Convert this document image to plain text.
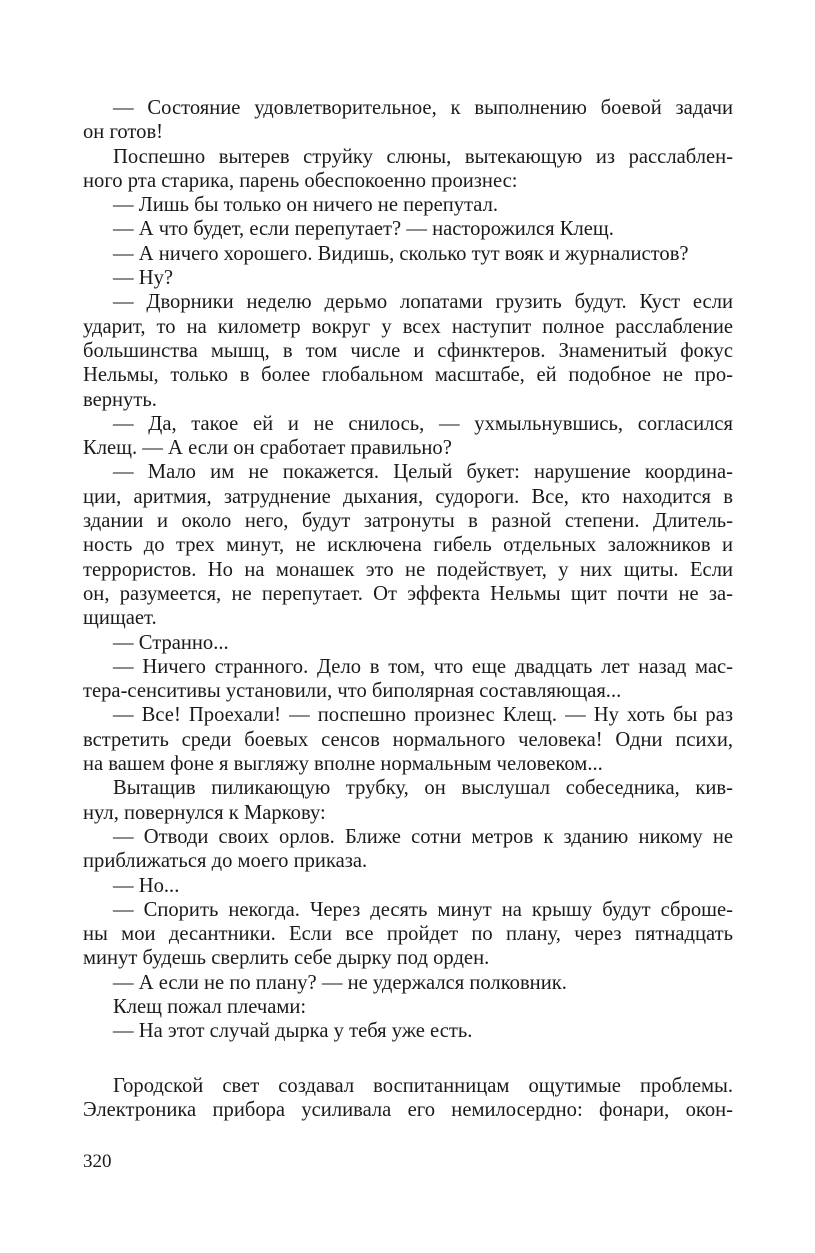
— Состояние удовлетворительное, к выполнению боевой задачи
он готов!
Поспешно вытерев струйку слюны, вытекающую из расслаблен-
ного рта старика, парень обеспокоенно произнес:
— Лишь бы только он ничего не перепутал.
— А что будет, если перепутает? — насторожился Клещ.
— А ничего хорошего. Видишь, сколько тут вояк и журналистов?
— Ну?
— Дворники неделю дерьмо лопатами грузить будут. Куст если
ударит, то на километр вокруг у всех наступит полное расслабление
большинства мышц, в том числе и сфинктеров. Знаменитый фокус
Нельмы, только в более глобальном масштабе, ей подобное не про-
вернуть.
— Да, такое ей и не снилось, — ухмыльнувшись, согласился
Клещ. — А если он сработает правильно?
— Мало им не покажется. Целый букет: нарушение координа-
ции, аритмия, затруднение дыхания, судороги. Все, кто находится в
здании и около него, будут затронуты в разной степени. Длитель-
ность до трех минут, не исключена гибель отдельных заложников и
террористов. Но на монашек это не подействует, у них щиты. Если
он, разумеется, не перепутает. От эффекта Нельмы щит почти не за-
щищает.
— Странно...
— Ничего странного. Дело в том, что еще двадцать лет назад мас-
тера-сенситивы установили, что биполярная составляющая...
— Все! Проехали! — поспешно произнес Клещ. — Ну хоть бы раз
встретить среди боевых сенсов нормального человека! Одни психи,
на вашем фоне я выгляжу вполне нормальным человеком...
Вытащив пиликающую трубку, он выслушал собеседника, кив-
нул, повернулся к Маркову:
— Отводи своих орлов. Ближе сотни метров к зданию никому не
приближаться до моего приказа.
— Но...
— Спорить некогда. Через десять минут на крышу будут сброше-
ны мои десантники. Если все пройдет по плану, через пятнадцать
минут будешь сверлить себе дырку под орден.
— А если не по плану? — не удержался полковник.
Клещ пожал плечами:
— На этот случай дырка у тебя уже есть.
Городской свет создавал воспитанницам ощутимые проблемы.
Электроника прибора усиливала его немилосердно: фонари, окон-
320
